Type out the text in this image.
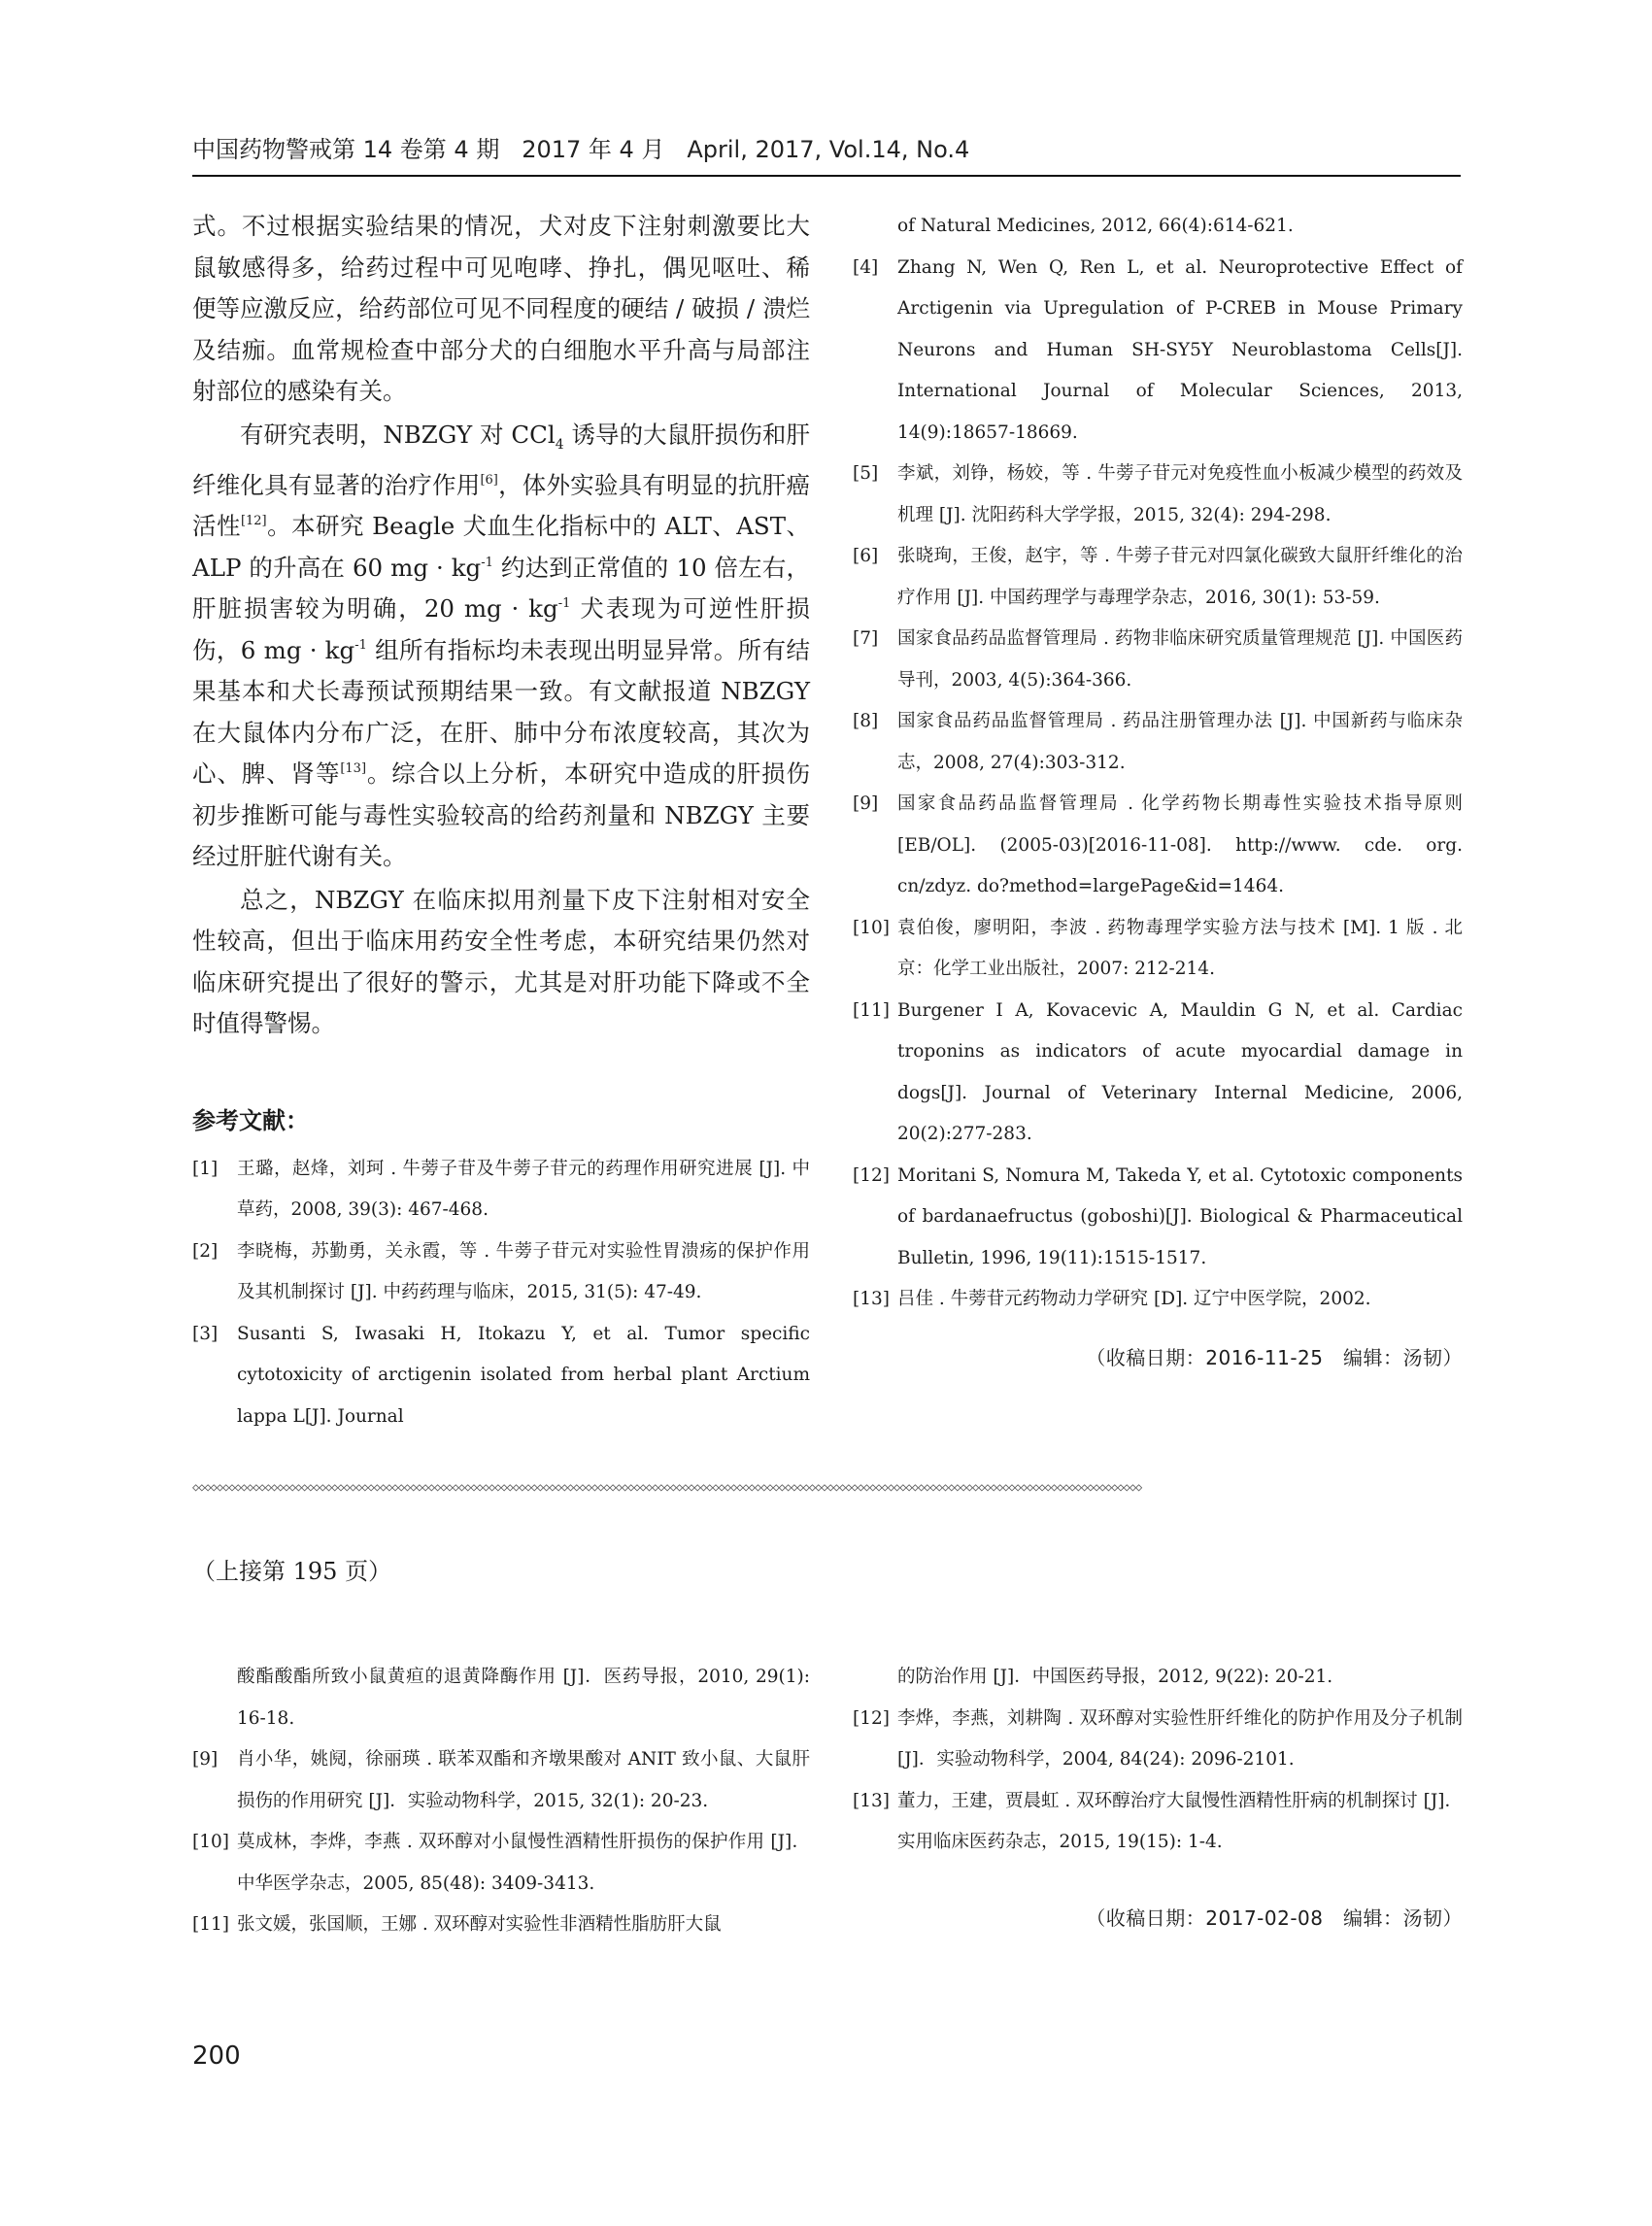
中国药物警戒第 14 卷第 4 期 2017 年 4 月 April, 2017, Vol.14, No.4

式。不过根据实验结果的情况，犬对皮下注射刺激要比大鼠敏感得多，给药过程中可见咆哮、挣扎，偶见呕吐、稀便等应激反应，给药部位可见不同程度的硬结 / 破损 / 溃烂及结痂。血常规检查中部分犬的白细胞水平升高与局部注射部位的感染有关。

有研究表明，NBZGY 对 CCl$_4$ 诱导的大鼠肝损伤和肝纤维化具有显著的治疗作用[6]，体外实验具有明显的抗肝癌活性[12]。本研究 Beagle 犬血生化指标中的 ALT、AST、ALP 的升高在 60 mg · $kg^{-1}$ 约达到正常值的 10 倍左右，肝脏损害较为明确，20 mg · $kg^{-1}$ 犬表现为可逆性肝损伤，6 mg · $kg^{-1}$ 组所有指标均未表现出明显异常。所有结果基本和犬长毒预试预期结果一致。有文献报道 NBZGY 在大鼠体内分布广泛，在肝、肺中分布浓度较高，其次为心、脾、肾等[13]。综合以上分析，本研究中造成的肝损伤初步推断可能与毒性实验较高的给药剂量和 NBZGY 主要经过肝脏代谢有关。

总之，NBZGY 在临床拟用剂量下皮下注射相对安全性较高，但出于临床用药安全性考虑，本研究结果仍然对临床研究提出了很好的警示，尤其是对肝功能下降或不全时值得警惕。

参考文献：
[1] 王璐，赵烽，刘珂 . 牛蒡子苷及牛蒡子苷元的药理作用研究进展 [J]. 中草药，2008, 39(3): 467-468.
[2] 李晓梅，苏勤勇，关永霞，等 . 牛蒡子苷元对实验性胃溃疡的保护作用及其机制探讨 [J]. 中药药理与临床，2015, 31(5): 47-49.
[3] Susanti S, Iwasaki H, Itokazu Y, et al. Tumor specific cytotoxicity of arctigenin isolated from herbal plant Arctium lappa L[J]. Journal
of Natural Medicines, 2012, 66(4):614-621.
[4] Zhang N, Wen Q, Ren L, et al. Neuroprotective Effect of Arctigenin via Upregulation of P-CREB in Mouse Primary Neurons and Human SH-SY5Y Neuroblastoma Cells[J]. International Journal of Molecular Sciences, 2013, 14(9):18657-18669.
[5] 李斌，刘铮，杨姣，等 . 牛蒡子苷元对免疫性血小板减少模型的药效及机理 [J]. 沈阳药科大学学报，2015, 32(4): 294-298.
[6] 张晓珣，王俊，赵宇，等 . 牛蒡子苷元对四氯化碳致大鼠肝纤维化的治疗作用 [J]. 中国药理学与毒理学杂志，2016, 30(1): 53-59.
[7] 国家食品药品监督管理局 . 药物非临床研究质量管理规范 [J]. 中国医药导刊，2003, 4(5):364-366.
[8] 国家食品药品监督管理局 . 药品注册管理办法 [J]. 中国新药与临床杂志，2008, 27(4):303-312.
[9] 国家食品药品监督管理局 . 化学药物长期毒性实验技术指导原则 [EB/OL]. (2005-03)[2016-11-08]. http://www. cde. org. cn/zdyz. do?method=largePage&id=1464.
[10] 袁伯俊，廖明阳，李波 . 药物毒理学实验方法与技术 [M]. 1 版 . 北京：化学工业出版社，2007: 212-214.
[11] Burgener I A, Kovacevic A, Mauldin G N, et al. Cardiac troponins as indicators of acute myocardial damage in dogs[J]. Journal of Veterinary Internal Medicine, 2006, 20(2):277-283.
[12] Moritani S, Nomura M, Takeda Y, et al. Cytotoxic components of bardanaefructus (goboshi)[J]. Biological & Pharmaceutical Bulletin, 1996, 19(11):1515-1517.
[13] 吕佳 . 牛蒡苷元药物动力学研究 [D]. 辽宁中医学院，2002.
（收稿日期：2016-11-25　编辑：汤韧）
◇◇◇◇◇◇◇◇◇◇◇◇◇◇◇◇◇◇◇◇◇◇◇◇◇◇◇◇◇◇◇◇◇◇◇◇◇◇◇◇◇◇◇◇◇◇◇◇◇◇◇◇◇◇◇◇◇◇◇◇◇◇◇◇◇◇◇◇◇◇◇◇◇◇◇◇◇◇◇◇◇◇◇◇◇◇◇◇◇◇◇◇◇◇◇◇◇◇◇◇◇◇◇◇◇◇◇◇◇◇◇◇◇◇◇◇◇◇◇◇◇◇◇◇◇◇◇◇◇◇◇◇◇◇◇◇◇◇◇◇◇◇◇◇◇◇◇◇◇◇◇◇◇◇◇◇◇
（上接第 195 页）
酸酯酸酯所致小鼠黄疸的退黄降酶作用 [J]．医药导报，2010, 29(1): 16-18.
[9] 肖小华，姚阋，徐丽瑛 . 联苯双酯和齐墩果酸对 ANIT 致小鼠、大鼠肝损伤的作用研究 [J]．实验动物科学，2015, 32(1): 20-23.
[10] 莫成林，李烨，李燕 . 双环醇对小鼠慢性酒精性肝损伤的保护作用 [J]．中华医学杂志，2005, 85(48): 3409-3413.
[11] 张文媛，张国顺，王娜 . 双环醇对实验性非酒精性脂肪肝大鼠
的防治作用 [J]．中国医药导报，2012, 9(22): 20-21.
[12] 李烨，李燕，刘耕陶 . 双环醇对实验性肝纤维化的防护作用及分子机制 [J]．实验动物科学，2004, 84(24): 2096-2101.
[13] 董力，王建，贾晨虹 . 双环醇治疗大鼠慢性酒精性肝病的机制探讨 [J]．实用临床医药杂志，2015, 19(15): 1-4.
（收稿日期：2017-02-08　编辑：汤韧）
200
